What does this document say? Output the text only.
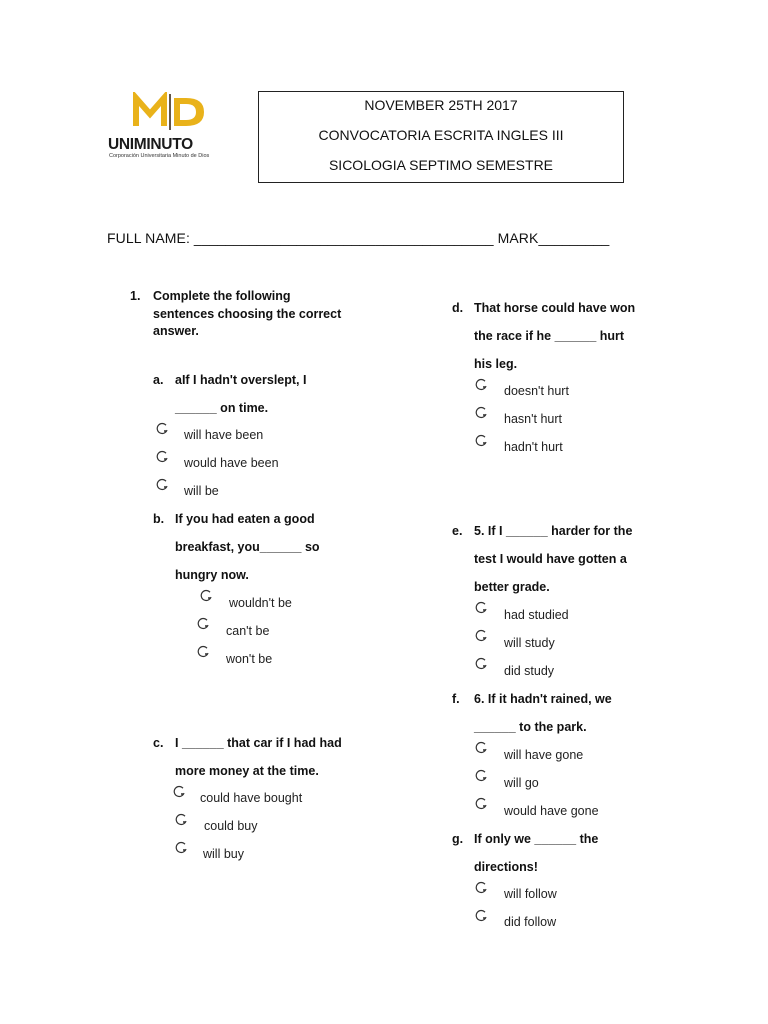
UNIMINUTO
Corporación Universitaria Minuto de Dios
NOVEMBER 25TH 2017
CONVOCATORIA ESCRITA INGLES III
SICOLOGIA SEPTIMO SEMESTRE
FULL NAME: ______________________________________ MARK_________
1. Complete the following
sentences choosing the correct
answer.
a. aIf I hadn't overslept, I
______ on time.
will have been
would have been
will be
b. If you had eaten a good
breakfast, you______ so
hungry now.
wouldn't be
can't be
won't be
c. I ______ that car if I had had
more money at the time.
could have bought
could buy
will buy
d. That horse could have won
the race if he ______ hurt
his leg.
doesn't hurt
hasn't hurt
hadn't hurt
e. 5. If I ______ harder for the
test I would have gotten a
better grade.
had studied
will study
did study
f. 6. If it hadn't rained, we
______ to the park.
will have gone
will go
would have gone
g. If only we ______ the
directions!
will follow
did follow
